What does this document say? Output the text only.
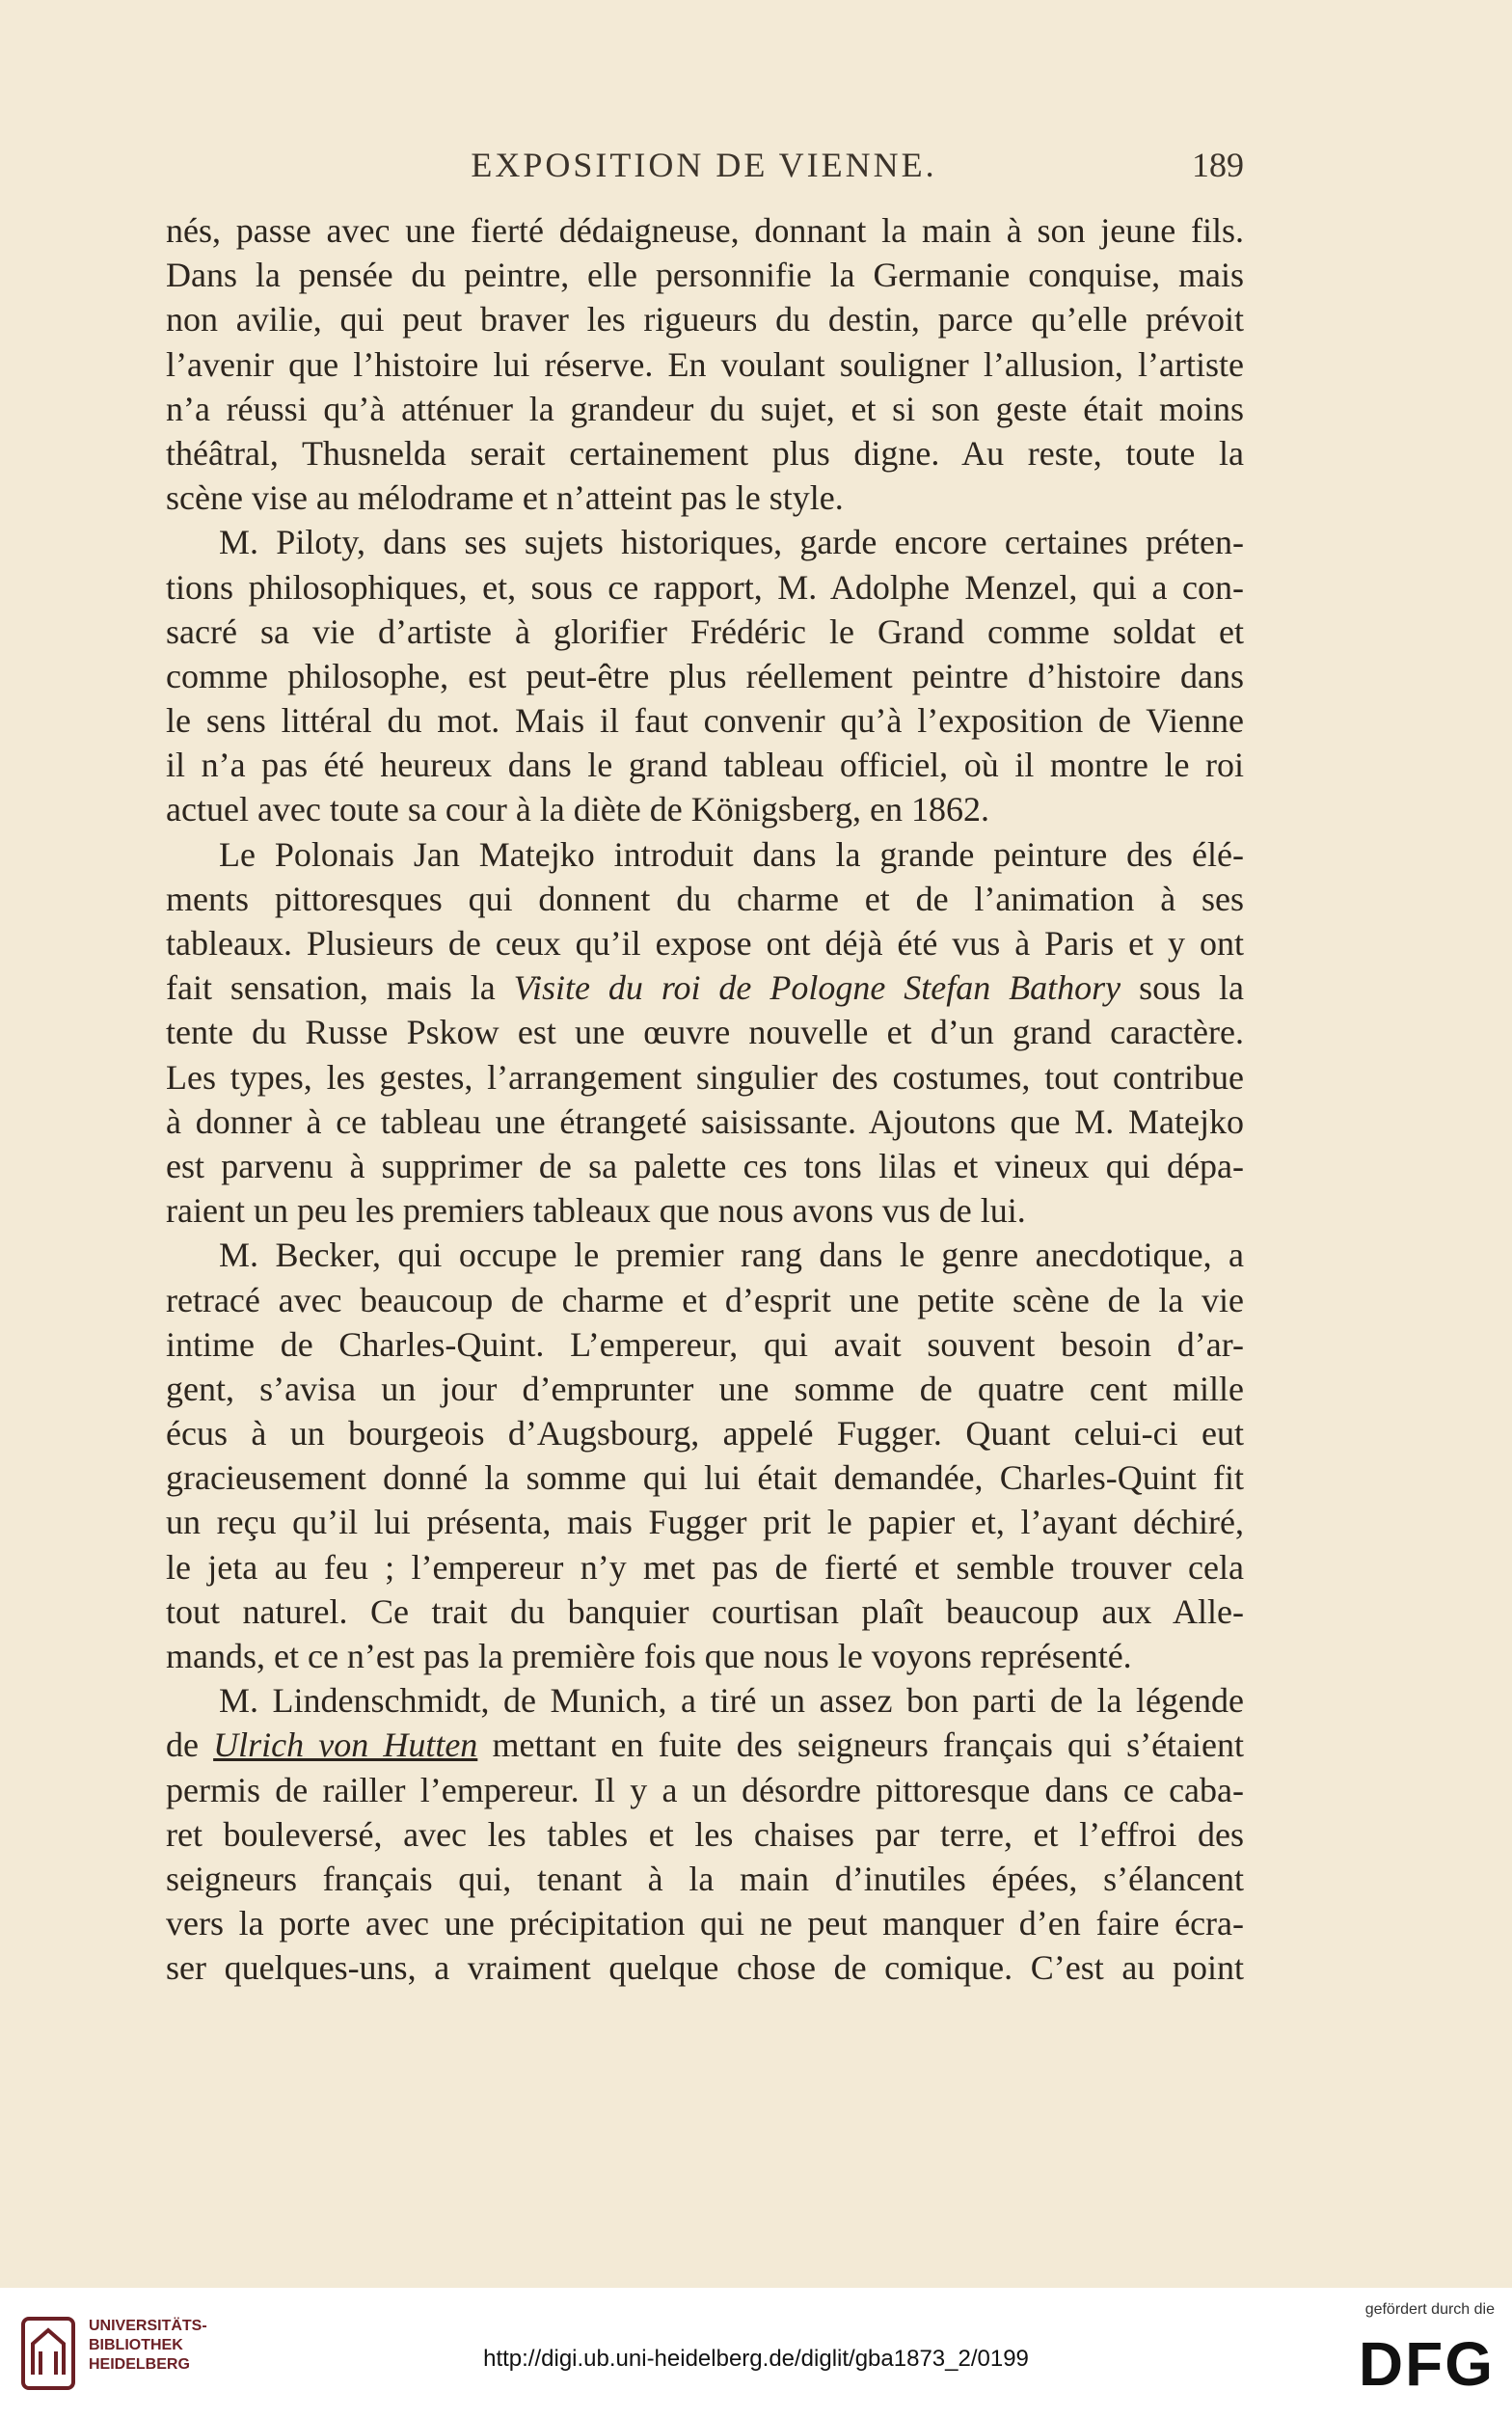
EXPOSITION DE VIENNE.	189
nés, passe avec une fierté dédaigneuse, donnant la main à son jeune fils.
Dans la pensée du peintre, elle personnifie la Germanie conquise, mais
non avilie, qui peut braver les rigueurs du destin, parce qu’elle prévoit
l’avenir que l’histoire lui réserve. En voulant souligner l’allusion, l’artiste
n’a réussi qu’à atténuer la grandeur du sujet, et si son geste était moins
théâtral, Thusnelda serait certainement plus digne. Au reste, toute la
scène vise au mélodrame et n’atteint pas le style.
M. Piloty, dans ses sujets historiques, garde encore certaines préten-
tions philosophiques, et, sous ce rapport, M. Adolphe Menzel, qui a con-
sacré sa vie d’artiste à glorifier Frédéric le Grand comme soldat et
comme philosophe, est peut-être plus réellement peintre d’histoire dans
le sens littéral du mot. Mais il faut convenir qu’à l’exposition de Vienne
il n’a pas été heureux dans le grand tableau officiel, où il montre le roi
actuel avec toute sa cour à la diète de Königsberg, en 1862.
Le Polonais Jan Matejko introduit dans la grande peinture des élé-
ments pittoresques qui donnent du charme et de l’animation à ses
tableaux. Plusieurs de ceux qu’il expose ont déjà été vus à Paris et y ont
fait sensation, mais la Visite du roi de Pologne Stefan Bathory sous la
tente du Russe Pskow est une œuvre nouvelle et d’un grand caractère.
Les types, les gestes, l’arrangement singulier des costumes, tout contribue
à donner à ce tableau une étrangeté saisissante. Ajoutons que M. Matejko
est parvenu à supprimer de sa palette ces tons lilas et vineux qui dépa-
raient un peu les premiers tableaux que nous avons vus de lui.
M. Becker, qui occupe le premier rang dans le genre anecdotique, a
retracé avec beaucoup de charme et d’esprit une petite scène de la vie
intime de Charles-Quint. L’empereur, qui avait souvent besoin d’ar-
gent, s’avisa un jour d’emprunter une somme de quatre cent mille
écus à un bourgeois d’Augsbourg, appelé Fugger. Quant celui-ci eut
gracieusement donné la somme qui lui était demandée, Charles-Quint fit
un reçu qu’il lui présenta, mais Fugger prit le papier et, l’ayant déchiré,
le jeta au feu ; l’empereur n’y met pas de fierté et semble trouver cela
tout naturel. Ce trait du banquier courtisan plaît beaucoup aux Alle-
mands, et ce n’est pas la première fois que nous le voyons représenté.
M. Lindenschmidt, de Munich, a tiré un assez bon parti de la légende
de Ulrich von Hutten mettant en fuite des seigneurs français qui s’étaient
permis de railler l’empereur. Il y a un désordre pittoresque dans ce caba-
ret bouleversé, avec les tables et les chaises par terre, et l’effroi des
seigneurs français qui, tenant à la main d’inutiles épées, s’élancent
vers la porte avec une précipitation qui ne peut manquer d’en faire écra-
ser quelques-uns, a vraiment quelque chose de comique. C’est au point
UNIVERSITÄTS-
BIBLIOTHEK
HEIDELBERG	http://digi.ub.uni-heidelberg.de/diglit/gba1873_2/0199
gefördert durch die
DFG
